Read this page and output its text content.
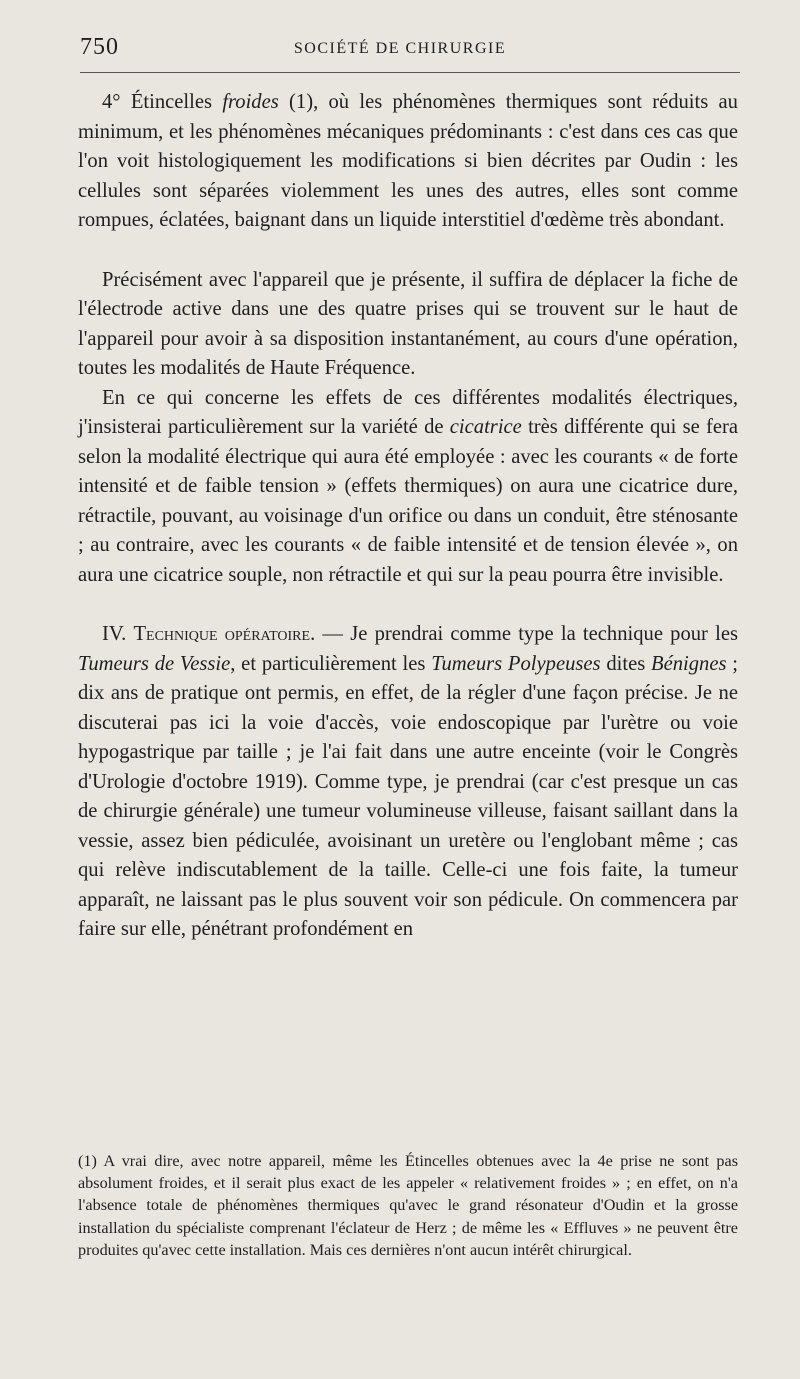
750	SOCIÉTÉ DE CHIRURGIE

4° Étincelles froides (1), où les phénomènes thermiques sont réduits au minimum, et les phénomènes mécaniques prédominants : c'est dans ces cas que l'on voit histologiquement les modifications si bien décrites par Oudin : les cellules sont séparées violemment les unes des autres, elles sont comme rompues, éclatées, baignant dans un liquide interstitiel d'œdème très abondant.

Précisément avec l'appareil que je présente, il suffira de déplacer la fiche de l'électrode active dans une des quatre prises qui se trouvent sur le haut de l'appareil pour avoir à sa disposition instantanément, au cours d'une opération, toutes les modalités de Haute Fréquence.

En ce qui concerne les effets de ces différentes modalités électriques, j'insisterai particulièrement sur la variété de cicatrice très différente qui se fera selon la modalité électrique qui aura été employée : avec les courants « de forte intensité et de faible tension » (effets thermiques) on aura une cicatrice dure, rétractile, pouvant, au voisinage d'un orifice ou dans un conduit, être sténosante ; au contraire, avec les courants « de faible intensité et de tension élevée », on aura une cicatrice souple, non rétractile et qui sur la peau pourra être invisible.

IV. Technique opératoire. — Je prendrai comme type la technique pour les Tumeurs de Vessie, et particulièrement les Tumeurs Polypeuses dites Bénignes ; dix ans de pratique ont permis, en effet, de la régler d'une façon précise. Je ne discuterai pas ici la voie d'accès, voie endoscopique par l'urètre ou voie hypogastrique par taille ; je l'ai fait dans une autre enceinte (voir le Congrès d'Urologie d'octobre 1919). Comme type, je prendrai (car c'est presque un cas de chirurgie générale) une tumeur volumineuse villeuse, faisant saillant dans la vessie, assez bien pédiculée, avoisinant un uretère ou l'englobant même ; cas qui relève indiscutablement de la taille. Celle-ci une fois faite, la tumeur apparaît, ne laissant pas le plus souvent voir son pédicule. On commencera par faire sur elle, pénétrant profondément en

(1) A vrai dire, avec notre appareil, même les Étincelles obtenues avec la 4e prise ne sont pas absolument froides, et il serait plus exact de les appeler « relativement froides » ; en effet, on n'a l'absence totale de phénomènes thermiques qu'avec le grand résonateur d'Oudin et la grosse installation du spécialiste comprenant l'éclateur de Herz ; de même les « Effluves » ne peuvent être produites qu'avec cette installation. Mais ces dernières n'ont aucun intérêt chirurgical.
